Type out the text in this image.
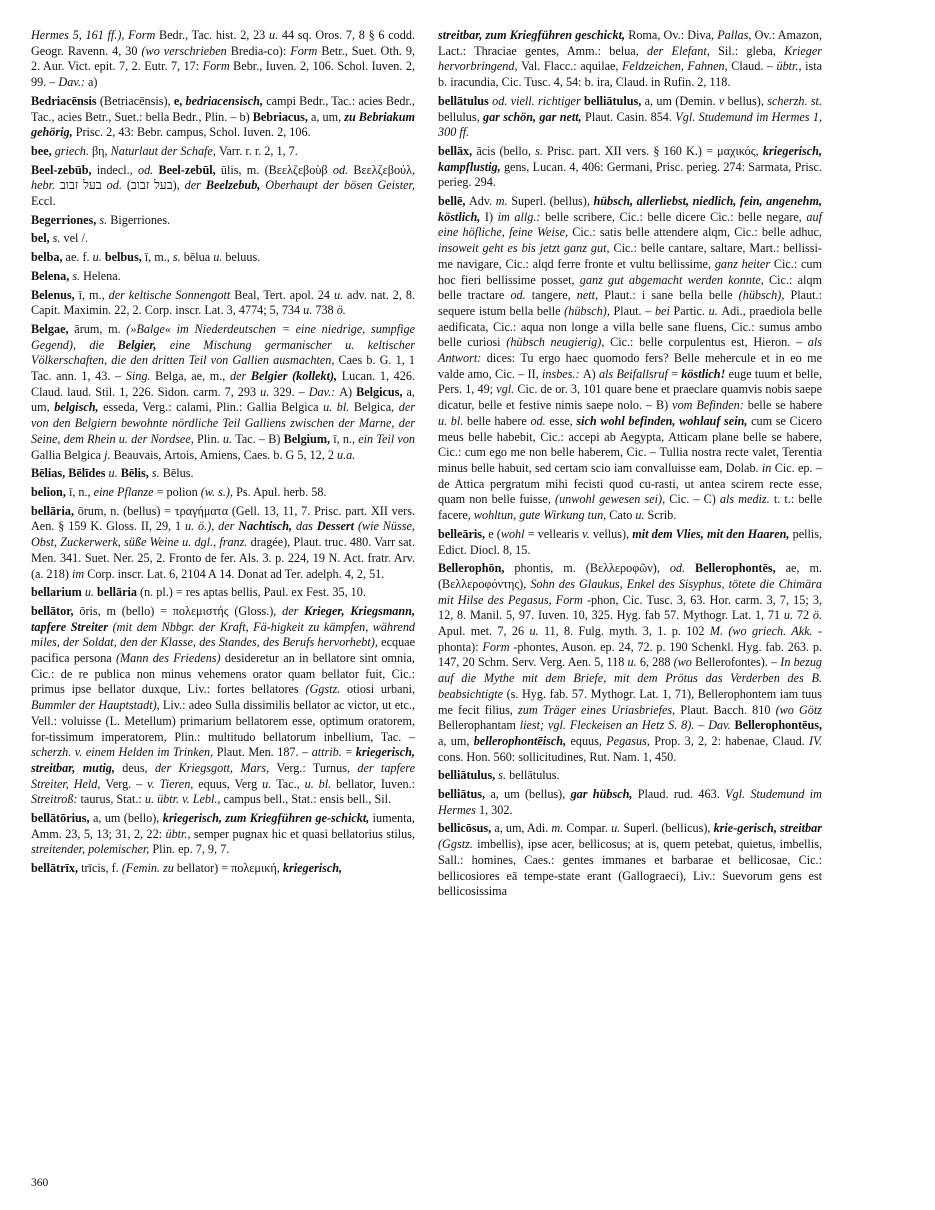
Hermes 5, 161 ff.), Form Bedr., Tac. hist. 2, 23 u. 44 sq. Oros. 7, 8 § 6 codd. Geogr. Ravenn. 4, 30 (wo verschrieben Bredia-co): Form Betr., Suet. Oth. 9, 2. Aur. Vict. epit. 7, 2. Eutr. 7, 17: Form Bebr., Iuven. 2, 106. Schol. Iuven. 2, 99. – Dav.: a)

Bedriacēnsis (Betriacēnsis), e, bedriacensisch, campi Bedr., Tac.: acies Bedr., Tac., acies Betr., Suet.: bella Bedr., Plin. – b) Bebriacus, a, um, zu Bebriakum gehörig, Prisc. 2, 43: Bebr. campus, Schol. Iuven. 2, 106.

bee, griech. βη, Naturlaut der Schafe, Varr. r. r. 2, 1, 7.

Beel-zebūb, indecl., od. Beel-zebūl, ūlis, m. (Βεελζεβοὺβ od. Βεελζεβούλ, hebr. בעל זבוב od. (בעל זבוב), der Beelzebub, Oberhaupt der bösen Geister, Eccl.

Begerriones, s. Bigerriones.

bel, s. vel /.

belba, ae. f. u. belbus, ī, m., s. bēlua u. beluus.

Belena, s. Helena.

Belenus, ī, m., der keltische Sonnengott Beal, Tert. apol. 24 u. adv. nat. 2, 8. Capit. Maximin. 22, 2. Corp. inscr. Lat. 3, 4774; 5, 734 u. 738 ö.

Belgae, ārum, m. (»Balge« im Niederdeutschen = eine niedrige, sumpfige Gegend), die Belgier, eine Mischung germanischer u. keltischer Völkerschaften, die den dritten Teil von Gallien ausmachten, Caes b. G. 1, 1 Tac. ann. 1, 43. – Sing. Belga, ae, m., der Belgier (kollekt), Lucan. 1, 426. Claud. laud. Stil. 1, 226. Sidon. carm. 7, 293 u. 329. – Dav.: A) Belgicus, a, um, belgisch, esseda, Verg.: calami, Plin.: Gallia Belgica u. bl. Belgica, der von den Belgiern bewohnte nördliche Teil Galliens zwischen der Marne, der Seine, dem Rhein u. der Nordsee, Plin. u. Tac. – B) Belgium, ī, n., ein Teil von Gallia Belgica j. Beauvais, Artois, Amiens, Caes. b. G 5, 12, 2 u.a.

Bēlias, Bēlīdes u. Bēlis, s. Bēlus.

belion, ī, n., eine Pflanze = polion (w. s.), Ps. Apul. herb. 58.

bellāria, ōrum, n. (bellus) = τραγήματα (Gell. 13, 11, 7. Prisc. part. XII vers. Aen. § 159 K. Gloss. II, 29, 1 u. ö.), der Nachtisch, das Dessert (wie Nüsse, Obst, Zuckerwerk, süße Weine u. dgl., franz. dragée), Plaut. truc. 480. Varr sat. Men. 341. Suet. Ner. 25, 2. Fronto de fer. Als. 3. p. 224, 19 N. Act. fratr. Arv. (a. 218) im Corp. inscr. Lat. 6, 2104 A 14. Donat ad Ter. adelph. 4, 2, 51.

bellarium u. bellāria (n. pl.) = res aptas bellis, Paul. ex Fest. 35, 10.

bellātor, ōris, m (bello) = πολεμιστής (Gloss.), der Krieger, Kriegsmann, tapfere Streiter (mit dem Nbbgr. der Kraft, Fä-higkeit zu kämpfen, während miles, der Soldat, den der Klasse, des Standes, des Berufs hervorhebt), ecquae pacifica persona (Mann des Friedens) desideretur an in bellatore sint omnia, Cic.: de re publica non minus vehemens orator quam bellator fuit, Cic.: primus ipse bellator duxque, Liv.: fortes bellatores (Ggstz. otiosi urbani, Bummler der Hauptstadt), Liv.: adeo Sulla dissimilis bellator ac victor, ut etc., Vell.: voluisse (L. Metellum) primarium bellatorem esse, optimum oratorem, for-tissimum imperatorem, Plin.: multitudo bellatorum inbellium, Tac. – scherzh. v. einem Helden im Trinken, Plaut. Men. 187. – attrib. = kriegerisch, streitbar, mutig, deus, der Kriegsgott, Mars, Verg.: Turnus, der tapfere Streiter, Held, Verg. – v. Tieren, equus, Verg u. Tac., u. bl. bellator, Iuven.: Streitroß: taurus, Stat.: u. übtr. v. Lebl., campus bell., Stat.: ensis bell., Sil.

bellātōrius, a, um (bello), kriegerisch, zum Kriegführen ge-schickt, iumenta, Amm. 23, 5, 13; 31, 2, 22: übtr., semper pugnax hic et quasi bellatorius stilus, streitender, polemischer, Plin. ep. 7, 9, 7.

bellātrīx, trīcis, f. (Femin. zu bellator) = πολεμική, kriegerisch,

streitbar, zum Kriegführen geschickt, Roma, Ov.: Diva, Pallas, Ov.: Amazon, Lact.: Thraciae gentes, Amm.: belua, der Elefant, Sil.: gleba, Krieger hervorbringend, Val. Flacc.: aquilae, Feldzeichen, Fahnen, Claud. – übtr., ista b. iracundia, Cic. Tusc. 4, 54: b. ira, Claud. in Rufin. 2, 118.

bellātulus od. viell. richtiger belliātulus, a, um (Demin. v bellus), scherzh. st. bellulus, gar schön, gar nett, Plaut. Casin. 854. Vgl. Studemund im Hermes 1, 300 ff.

bellāx, ācis (bello, s. Prisc. part. XII vers. § 160 K.) = μαχικός, kriegerisch, kampflustig, gens, Lucan. 4, 406: Germani, Prisc. perieg. 274: Sarmata, Prisc. perieg. 294.

bellē, Adv. m. Superl. (bellus), hübsch, allerliebst, niedlich, fein, angenehm, köstlich, I) im allg.: belle scribere, Cic.: belle dicere Cic.: belle negare, auf eine höfliche, feine Weise, Cic.: satis belle attendere alqm, Cic.: belle adhuc, insoweit geht es bis jetzt ganz gut, Cic.: belle cantare, saltare, Mart.: bellissi-me navigare, Cic.: alqd ferre fronte et vultu bellissime, ganz heiter Cic.: cum hoc fieri bellissime posset, ganz gut abgemacht werden konnte, Cic.: alqm belle tractare od. tangere, nett, Plaut.: i sane bella belle (hübsch), Plaut.: sequere istum bella belle (hübsch), Plaut. – bei Partic. u. Adi., praediola belle aedificata, Cic.: aqua non longe a villa belle sane fluens, Cic.: sumus ambo belle curiosi (hübsch neugierig), Cic.: belle corpulentus est, Hieron. – als Antwort: dices: Tu ergo haec quomodo fers? Belle mehercule et in eo me valde amo, Cic. – II, insbes.: A) als Beifallsruf = köstlich! euge tuum et belle, Pers. 1, 49; vgl. Cic. de or. 3, 101 quare bene et praeclare quamvis nobis saepe dicatur, belle et festive nimis saepe nolo. – B) vom Befinden: belle se habere u. bl. belle habere od. esse, sich wohl befinden, wohlauf sein, cum se Cicero meus belle habebit, Cic.: accepi ab Aegypta, Atticam plane belle se habere, Cic.: cum ego me non belle haberem, Cic. – Tullia nostra recte valet, Terentia minus belle habuit, sed certam scio iam convalluisse eam, Dolab. in Cic. ep. – de Attica pergratum mihi fecisti quod cu-rasti, ut antea scirem recte esse, quam non belle fuisse, (unwohl gewesen sei), Cic. – C) als mediz. t. t.: belle facere, wohltun, gute Wirkung tun, Cato u. Scrib.

belleāris, e (wohl = vellearis v. vellus), mit dem Vlies, mit den Haaren, pellis, Edict. Diocl. 8, 15.

Bellerophōn, phontis, m. (Βελλεροφῶν), od. Bellerophontēs, ae, m. (Βελλεροφόντης), Sohn des Glaukus, Enkel des Sisyphus, tötete die Chimära mit Hilse des Pegasus, Form -phon, Cic. Tusc. 3, 63. Hor. carm. 3, 7, 15; 3, 12, 8. Manil. 5, 97. Iuven. 10, 325. Hyg. fab 57. Mythogr. Lat. 1, 71 u. 72 ö. Apul. met. 7, 26 u. 11, 8. Fulg. myth. 3, 1. p. 102 M. (wo griech. Akk. -phonta): Form -phontes, Auson. ep. 24, 72. p. 190 Schenkl. Hyg. fab. 263. p. 147, 20 Schm. Serv. Verg. Aen. 5, 118 u. 6, 288 (wo Bellerofontes). – In bezug auf die Mythe mit dem Briefe, mit dem Prötus das Verderben des B. beabsichtigte (s. Hyg. fab. 57. Mythogr. Lat. 1, 71), Bellerophontem iam tuus me fecit filius, zum Träger eines Uriasbriefes, Plaut. Bacch. 810 (wo Götz Bellerophantam liest; vgl. Fleckeisen an Hetz S. 8). – Dav. Bellerophontēus, a, um, bellerophontēisch, equus, Pegasus, Prop. 3, 2, 2: habenae, Claud. IV. cons. Hon. 560: sollicitudines, Rut. Nam. 1, 450.

belliātulus, s. bellātulus.

belliātus, a, um (bellus), gar hübsch, Plaud. rud. 463. Vgl. Studemund im Hermes 1, 302.

bellicōsus, a, um, Adi. m. Compar. u. Superl. (bellicus), krie-gerisch, streitbar (Ggstz. imbellis), ipse acer, bellicosus; at is, quem petebat, quietus, imbellis, Sall.: homines, Caes.: gentes immanes et barbarae et bellicosae, Cic.: bellicosiores eā tempe-state erant (Gallograeci), Liv.: Suevorum gens est bellicosissima

360
